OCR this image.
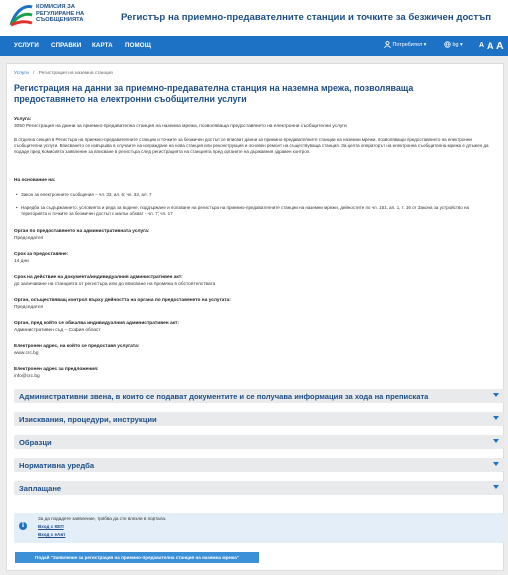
КОМИСИЯ ЗА РЕГУЛИРАНЕ НА СЪОБЩЕНИЯТА	Регистър на приемно-предавателните станции и точките за безжичен достъп
УСЛУГИ СПРАВКИ КАРТА ПОМОЩ	Потребител ▾	bg ▾ A A A
Услуги / Регистрация на наземна станция
Регистрация на данни за приемно-предавателна станция на наземна мрежа, позволяваща предоставянето на електронни съобщителни услуги
Услуга:
3050 Регистрация на данни за приемно-предавателна станция на наземна мрежа, позволяваща предоставянето на електронни съобщителни услуги
В отделна секция в Регистъра на приемно-предавателните станции и точките за безжичен достъп се вписват данни за приемно-предавателните станции на наземни мрежи, позволяващи предоставянето на електронни съобщителни услуги. Вписването се извършва в случаите на изграждане на нова станция или реконструкция и основен ремонт на съществуваща станция. За целта операторът на електронна съобщителна мрежа е длъжен да подаде пред Комисията заявление за вписване в регистъра след регистрацията на станцията пред органите на държавния здравен контрол.
На основание на:
• Закон за електронните съобщения – чл. 33, ал. 6; чл. 33, ал. 7
• Наредба за съдържанието, условията и реда за водене, поддържане и ползване на регистъра на приемно-предавателните станции на наземни мрежи, дейностите по чл. 151, ал. 1, т. 16 от Закона за устройство на територията и точките за безжичен достъп с малък обхват - чл. 7; чл. 17
Орган по предоставянето на административната услуга:
Председател
Срок за предоставяне:
14 дни
Срок на действие на документа/индивидуалния административен акт:
до заличаване на станцията от регистъра или до вписване на промяна в обстоятелствата
Орган, осъществяващ контрол върху дейността на органа по предоставянето на услугата:
Председател
Орган, пред който се обжалва индивидуалния административен акт:
Административен съд – София област
Електронен адрес, на който се предоставя услугата:
www.crc.bg
Електронен адрес за предложения:
info@crc.bg
Административни звена, в които се подават документите и се получава информация за хода на преписката
Изисквания, процедури, инструкции
Образци
Нормативна уредба
Заплащане
i
За да подадете заявление, трябва да сте влезли в портала.
Вход с КЕП
Вход с еАвт
Подай "Заявление за регистрация на приемно-предавателна станция на наземна мрежа"
